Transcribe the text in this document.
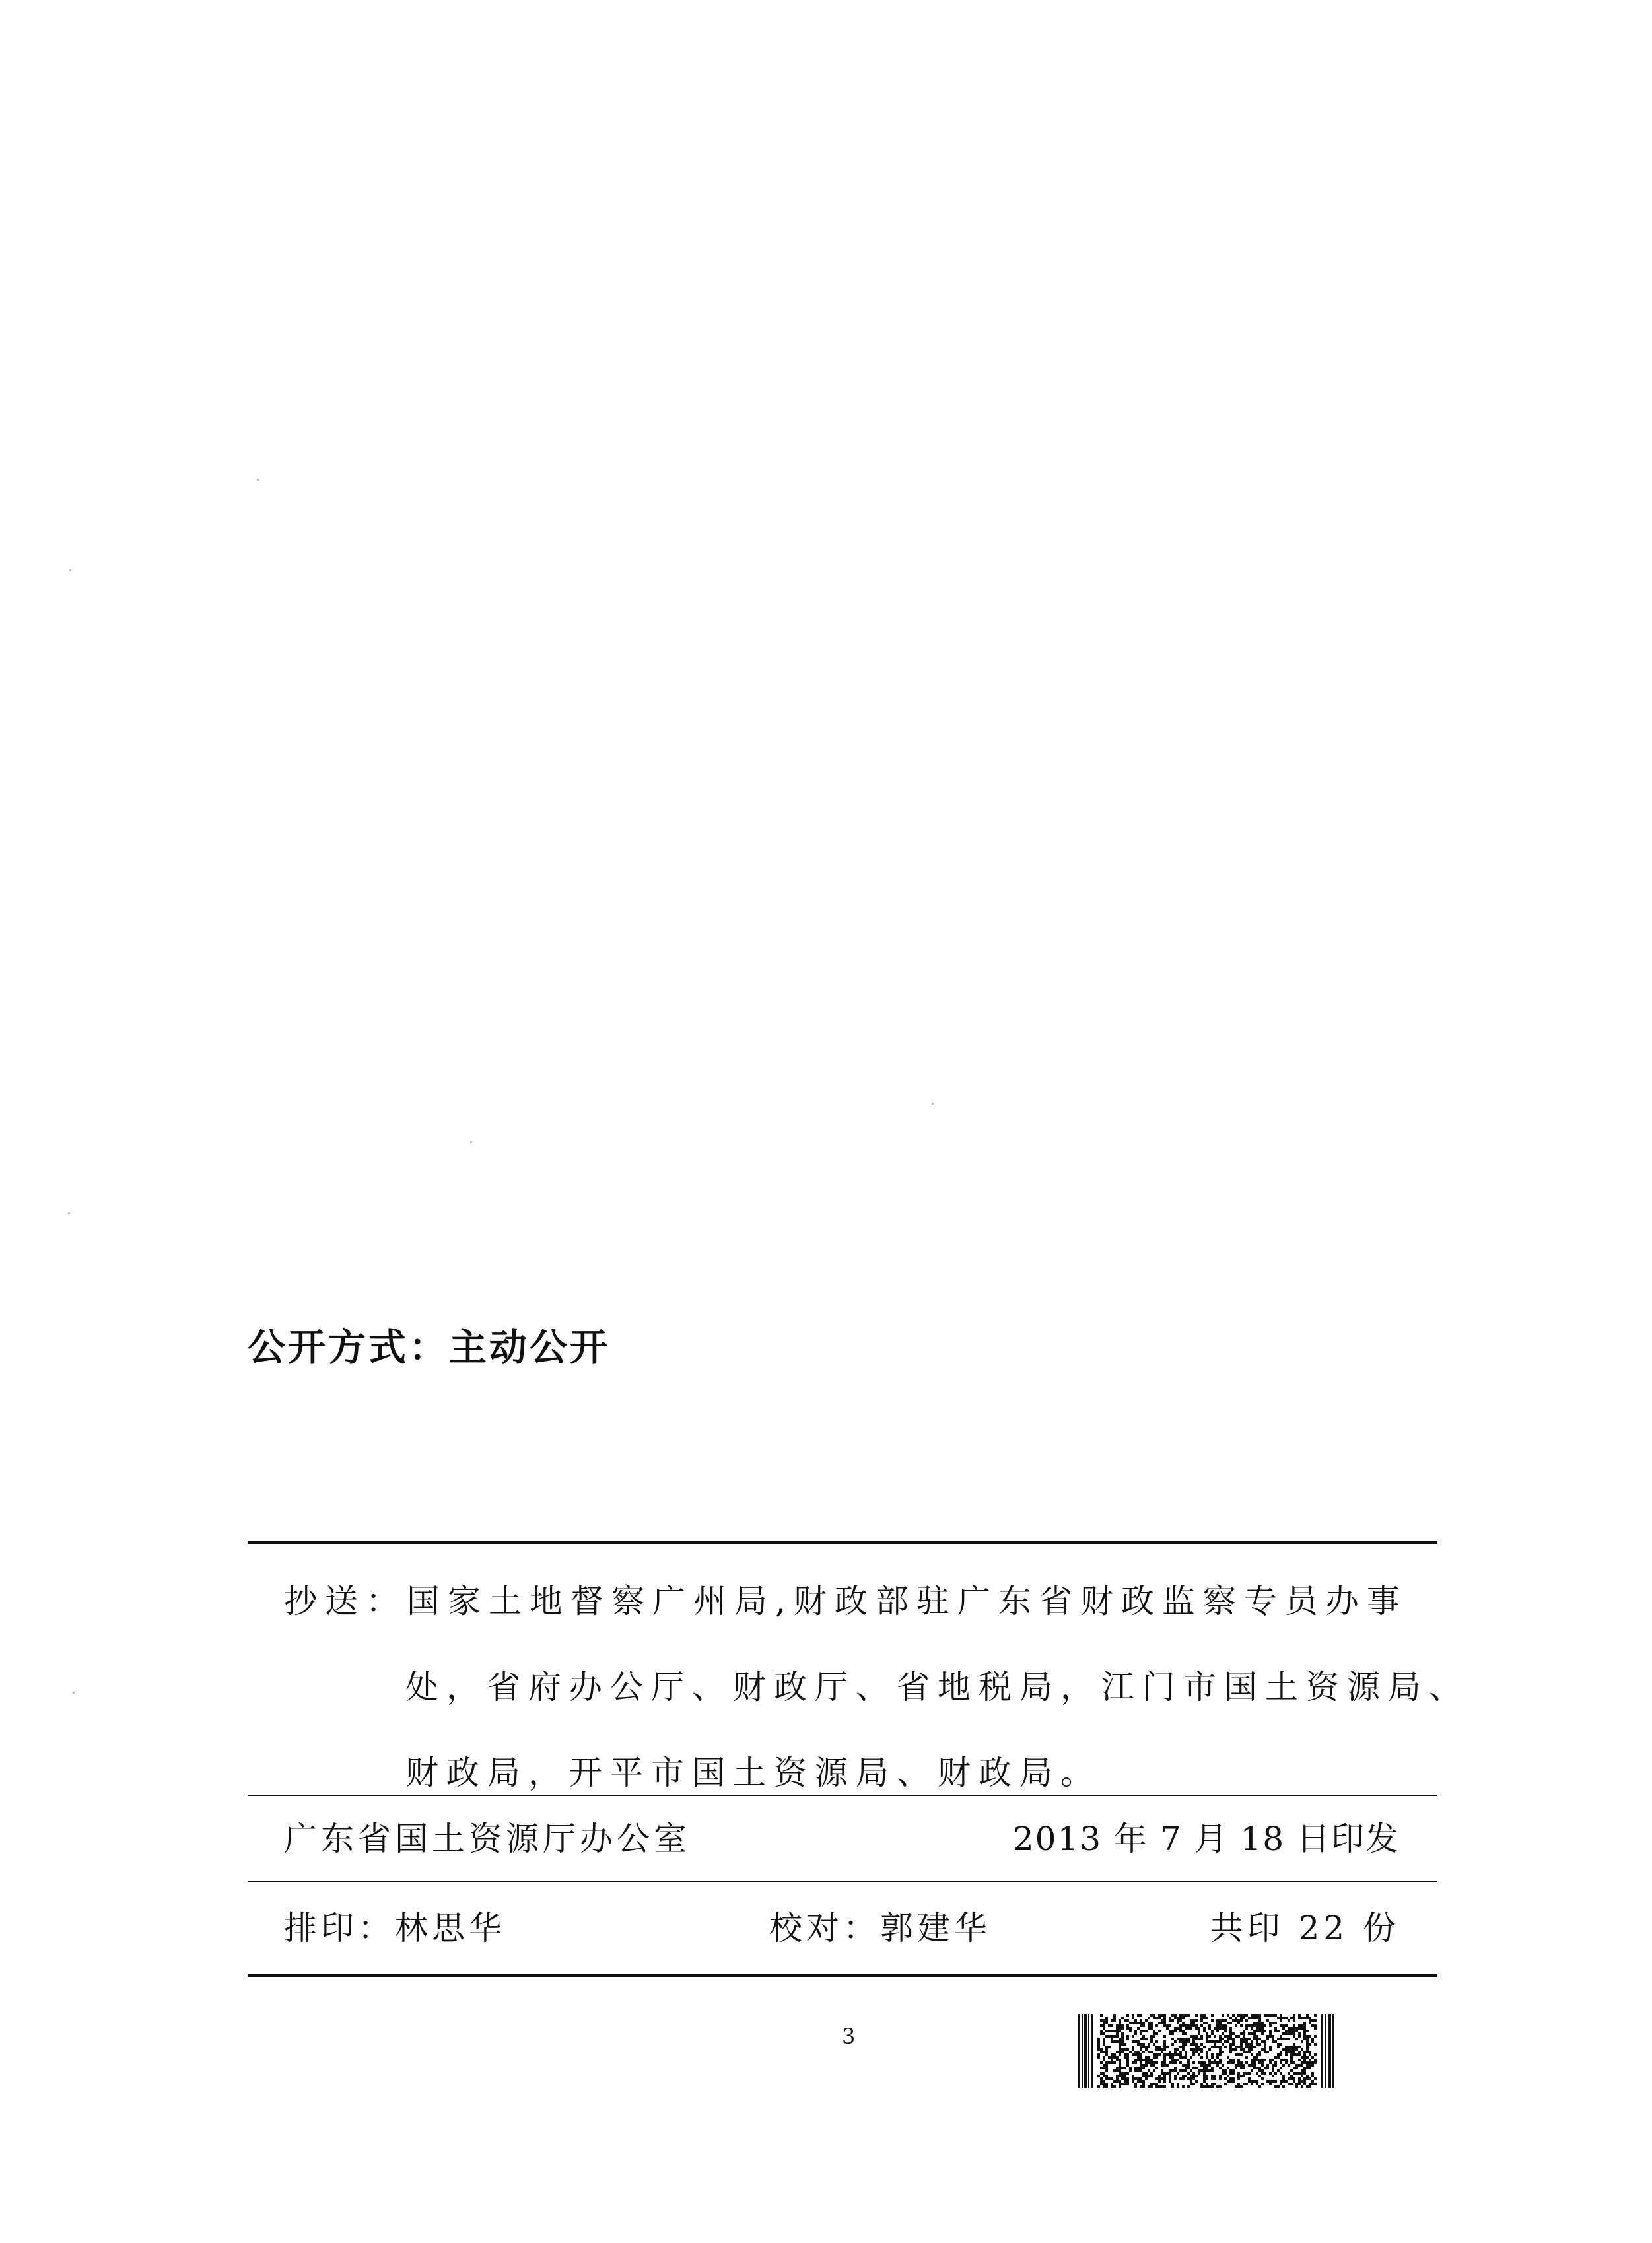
公开方式：主动公开
抄送：国家土地督察广州局,财政部驻广东省财政监察专员办事
处，省府办公厅、财政厅、省地税局，江门市国土资源局、
财政局，开平市国土资源局、财政局。
广东省国土资源厅办公室	2013 年 7 月 18 日印发
排印：林思华	校对：郭建华	共印 22 份
3
